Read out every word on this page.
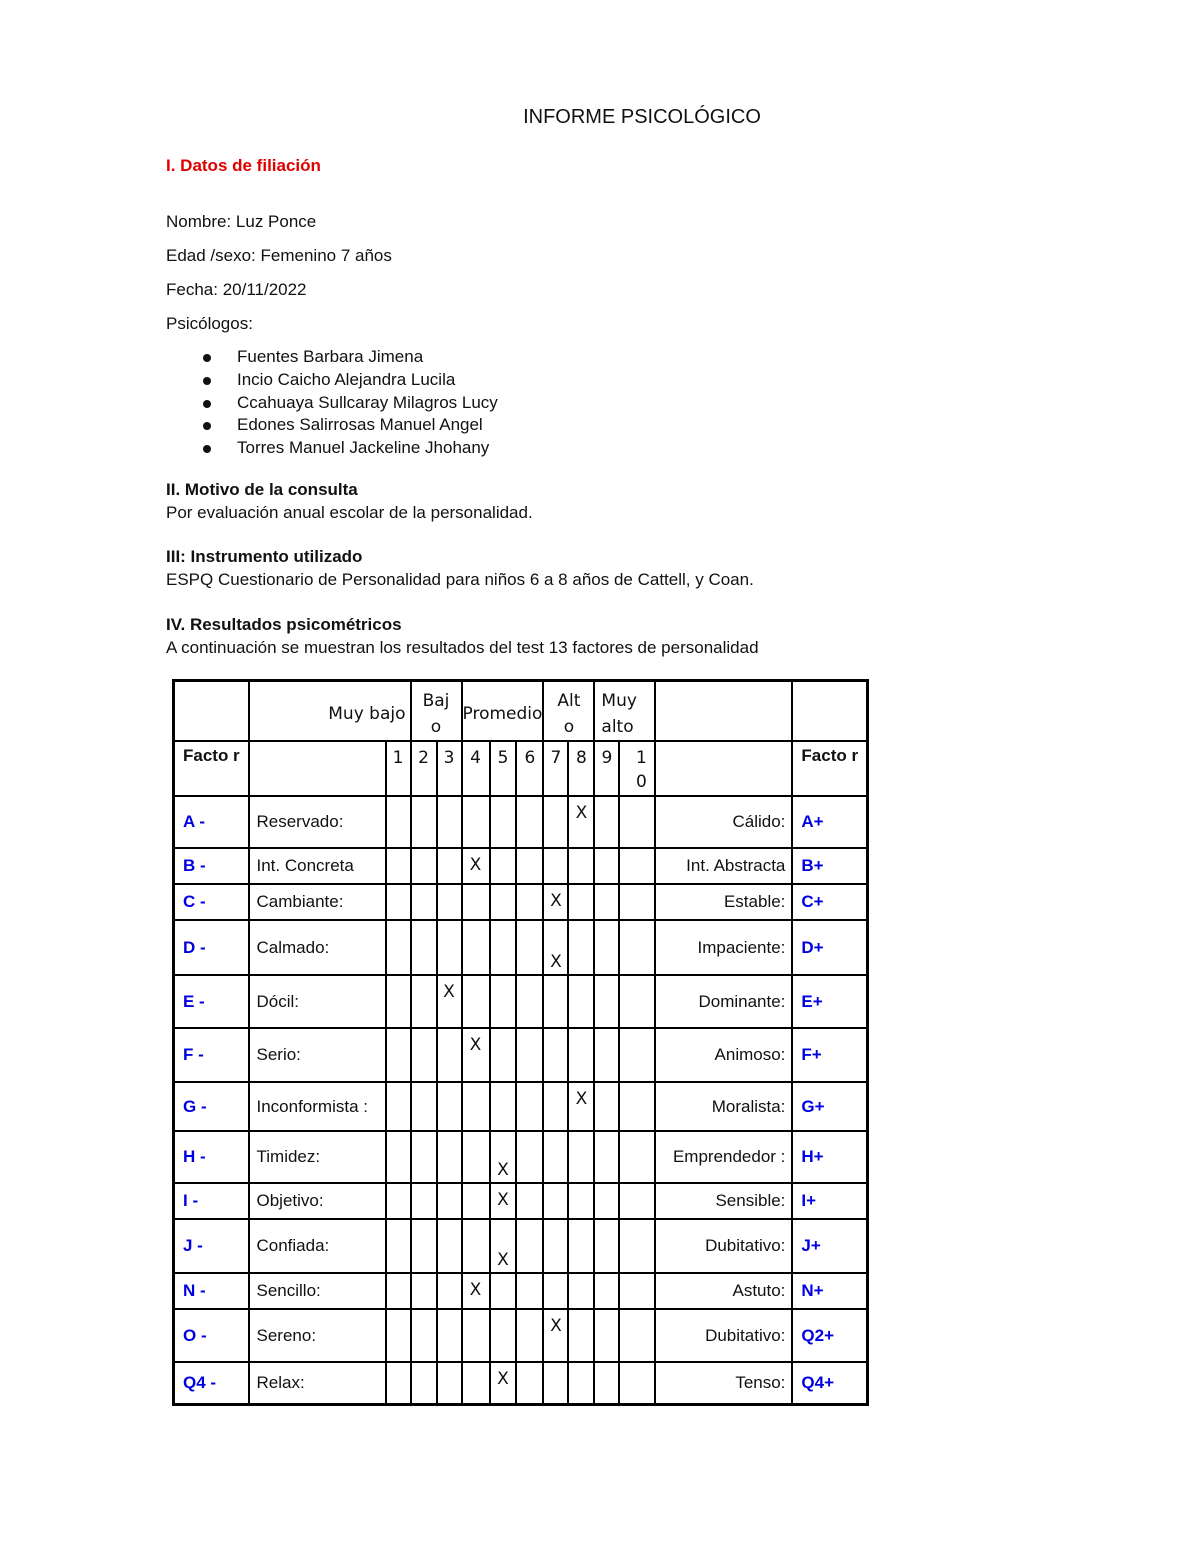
INFORME PSICOLÓGICO
I. Datos de filiación
Nombre: Luz Ponce
Edad /sexo: Femenino 7 años
Fecha: 20/11/2022
Psicólogos:
Fuentes Barbara Jimena
Incio Caicho Alejandra Lucila
Ccahuaya Sullcaray Milagros Lucy
Edones Salirrosas Manuel Angel
Torres Manuel Jackeline Jhohany
II. Motivo de la consulta
Por evaluación anual escolar de la personalidad.
III: Instrumento utilizado
ESPQ Cuestionario de Personalidad para niños 6 a 8 años de Cattell, y Coan.
IV. Resultados psicométricos
A continuación se muestran los resultados del test 13 factores de personalidad
	Muy bajo		Baj o		Promedio			Alt o		Muy alto			
Facto r		1	2	3	4	5	6	7	8	9	1 0		Facto r
A -	Reservado:								X			Cálido:	A+
B -	Int. Concreta				X							Int. Abstracta	B+
C -	Cambiante:							X				Estable:	C+
D -	Calmado:							X				Impaciente:	D+
E -	Dócil:			X								Dominante:	E+
F -	Serio:				X							Animoso:	F+
G -	Inconformista :								X			Moralista:	G+
H -	Timidez:					X						Emprendedor :	H+
I -	Objetivo:					X						Sensible:	I+
J -	Confiada:					X						Dubitativo:	J+
N -	Sencillo:				X							Astuto:	N+
O -	Sereno:							X				Dubitativo:	Q2+
Q4 -	Relax:					X						Tenso:	Q4+
